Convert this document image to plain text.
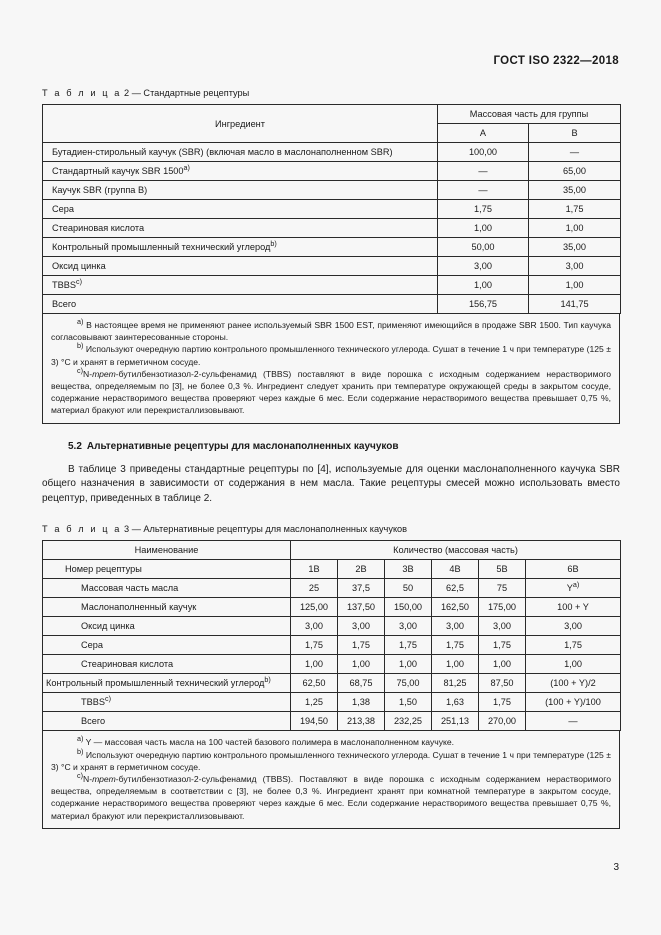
ГОСТ ISO 2322—2018
Т а б л и ц а 2 — Стандартные рецептуры
Ингредиент	Массовая часть для группы	
	А	В
Бутадиен-стирольный каучук (SBR) (включая масло в маслонаполненном SBR)	100,00	—
Стандартный каучук SBR 1500$^{a)}$	—	65,00
Каучук SBR (группа В)	—	35,00
Сера	1,75	1,75
Стеариновая кислота	1,00	1,00
Контрольный промышленный технический углерод$^{b)}$	50,00	35,00
Оксид цинка	3,00	3,00
TBBS$^{c)}$	1,00	1,00
Всего	156,75	141,75

$^{a)}$ В настоящее время не применяют ранее используемый SBR 1500 EST, применяют имеющийся в продаже SBR 1500. Тип каучука согласовывают заинтересованные стороны.

$^{b)}$ Используют очередную партию контрольного промышленного технического углерода. Сушат в течение 1 ч при температуре (125 ± 3) °С и хранят в герметичном сосуде.

$^{c)}$N-трет-бутилбензотиазол-2-сульфенамид (TBBS) поставляют в виде порошка с исходным содержанием нерастворимого вещества, определяемым по [3], не более 0,3 %. Ингредиент следует хранить при температуре окружающей среды в закрытом сосуде, содержание нерастворимого вещества проверяют через каждые 6 мес. Если содержание нерастворимого вещества превышает 0,75 %, материал бракуют или перекристаллизовывают.

5.2 Альтернативные рецептуры для маслонаполненных каучуков

В таблице 3 приведены стандартные рецептуры по [4], используемые для оценки маслонаполненного каучука SBR общего назначения в зависимости от содержания в нем масла. Такие рецептуры смесей можно использовать вместо рецептур, приведенных в таблице 2.

Т а б л и ц а 3 — Альтернативные рецептуры для маслонаполненных каучуков
Наименование	Количество (массовая часть)					
Номер рецептуры	1В	2В	3В	4В	5В	6В
Массовая часть масла	25	37,5	50	62,5	75	$Y^{a)}$
Маслонаполненный каучук	125,00	137,50	150,00	162,50	175,00	100 + Y
Оксид цинка	3,00	3,00	3,00	3,00	3,00	3,00
Сера	1,75	1,75	1,75	1,75	1,75	1,75
Стеариновая кислота	1,00	1,00	1,00	1,00	1,00	1,00
Контрольный промышленный технический углерод$^{b)}$	62,50	68,75	75,00	81,25	87,50	(100 + Y)/2
TBBS$^{c)}$	1,25	1,38	1,50	1,63	1,75	(100 + Y)/100
Всего	194,50	213,38	232,25	251,13	270,00	—

$^{a)}$ Y — массовая часть масла на 100 частей базового полимера в маслонаполненном каучуке.

$^{b)}$ Используют очередную партию контрольного промышленного технического углерода. Сушат в течение 1 ч при температуре (125 ± 3) °С и хранят в герметичном сосуде.

$^{c)}$N-трет-бутилбензотиазол-2-сульфенамид (TBBS). Поставляют в виде порошка с исходным содержанием нерастворимого вещества, определяемым в соответствии с [3], не более 0,3 %. Ингредиент хранят при комнатной температуре в закрытом сосуде, содержание нерастворимого вещества проверяют через каждые 6 мес. Если содержание нерастворимого вещества превышает 0,75 %, материал бракуют или перекристаллизовывают.

3
